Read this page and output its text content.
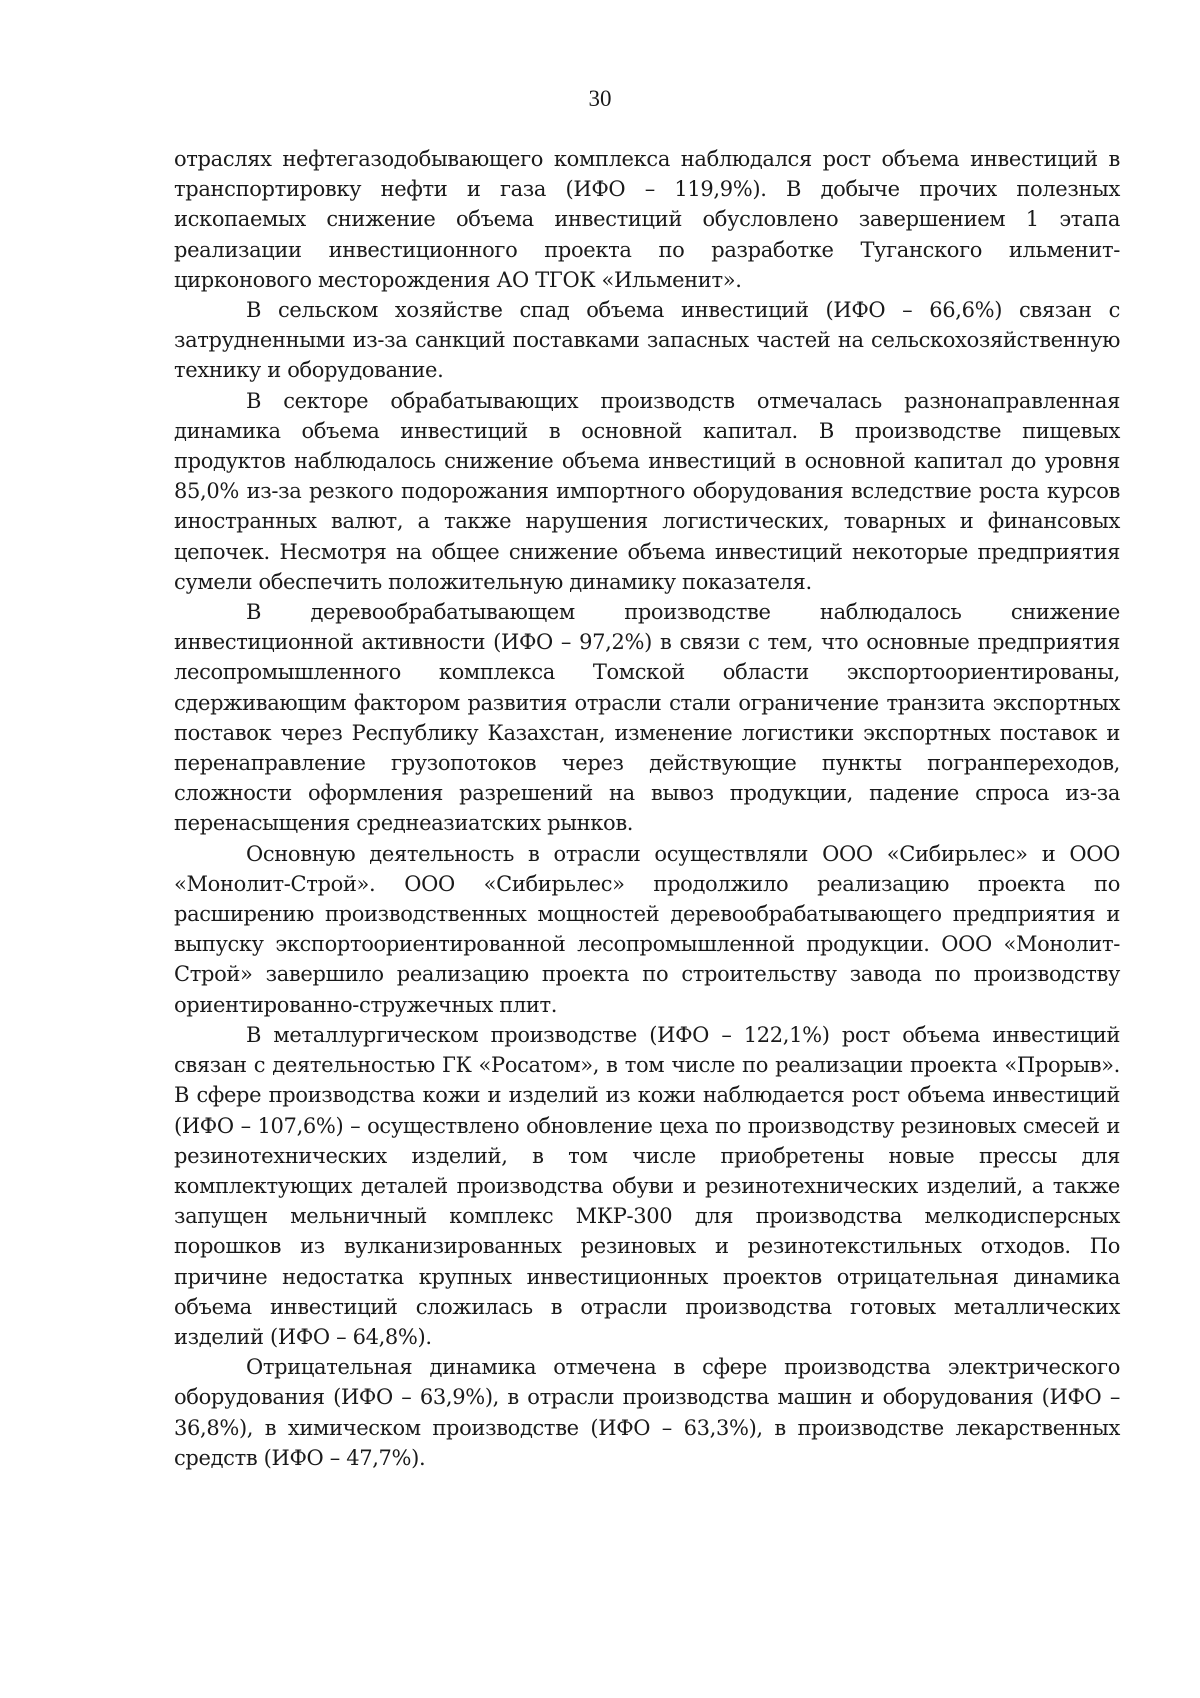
30

отраслях нефтегазодобывающего комплекса наблюдался рост объема инвестиций в транспортировку нефти и газа (ИФО – 119,9%). В добыче прочих полезных ископаемых снижение объема инвестиций обусловлено завершением 1 этапа реализации инвестиционного проекта по разработке Туганского ильменит-цирконового месторождения АО ТГОК «Ильменит».

В сельском хозяйстве спад объема инвестиций (ИФО – 66,6%) связан с затрудненными из-за санкций поставками запасных частей на сельскохозяйственную технику и оборудование.

В секторе обрабатывающих производств отмечалась разнонаправленная динамика объема инвестиций в основной капитал. В производстве пищевых продуктов наблюдалось снижение объема инвестиций в основной капитал до уровня 85,0% из-за резкого подорожания импортного оборудования вследствие роста курсов иностранных валют, а также нарушения логистических, товарных и финансовых цепочек. Несмотря на общее снижение объема инвестиций некоторые предприятия сумели обеспечить положительную динамику показателя.

В деревообрабатывающем производстве наблюдалось снижение инвестиционной активности (ИФО – 97,2%) в связи с тем, что основные предприятия лесопромышленного комплекса Томской области экспортоориентированы, сдерживающим фактором развития отрасли стали ограничение транзита экспортных поставок через Республику Казахстан, изменение логистики экспортных поставок и перенаправление грузопотоков через действующие пункты погранпереходов, сложности оформления разрешений на вывоз продукции, падение спроса из-за перенасыщения среднеазиатских рынков.

Основную деятельность в отрасли осуществляли ООО «Сибирьлес» и ООО «Монолит-Строй». ООО «Сибирьлес» продолжило реализацию проекта по расширению производственных мощностей деревообрабатывающего предприятия и выпуску экспортоориентированной лесопромышленной продукции. ООО «Монолит-Строй» завершило реализацию проекта по строительству завода по производству ориентированно-стружечных плит.

В металлургическом производстве (ИФО – 122,1%) рост объема инвестиций связан с деятельностью ГК «Росатом», в том числе по реализации проекта «Прорыв». В сфере производства кожи и изделий из кожи наблюдается рост объема инвестиций (ИФО – 107,6%) – осуществлено обновление цеха по производству резиновых смесей и резинотехнических изделий, в том числе приобретены новые прессы для комплектующих деталей производства обуви и резинотехнических изделий, а также запущен мельничный комплекс МКР-300 для производства мелкодисперсных порошков из вулканизированных резиновых и резинотекстильных отходов. По причине недостатка крупных инвестиционных проектов отрицательная динамика объема инвестиций сложилась в отрасли производства готовых металлических изделий (ИФО – 64,8%).

Отрицательная динамика отмечена в сфере производства электрического оборудования (ИФО – 63,9%), в отрасли производства машин и оборудования (ИФО – 36,8%), в химическом производстве (ИФО – 63,3%), в производстве лекарственных средств (ИФО – 47,7%).
